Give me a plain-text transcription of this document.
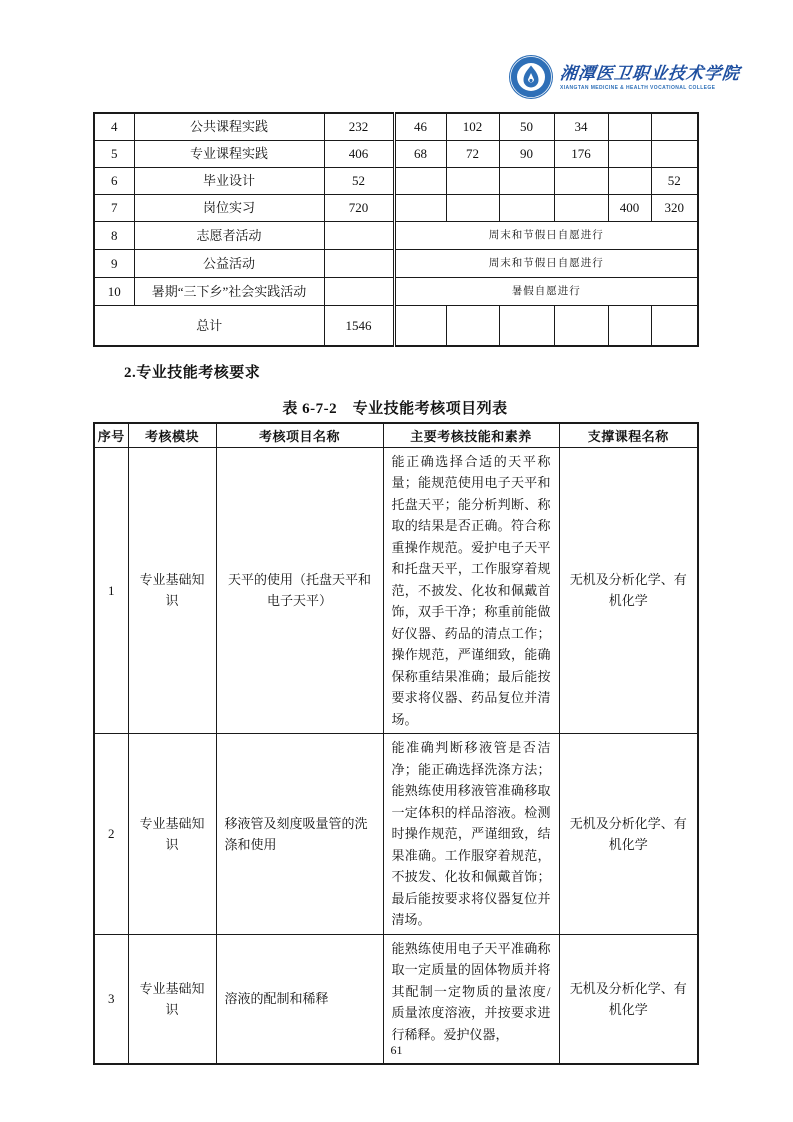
湘潭医卫职业技术学院
XIANGTAN MEDICINE & HEALTH VOCATIONAL COLLEGE
4	公共课程实践	232	46	102	50	34		
5	专业课程实践	406	68	72	90	176		
6	毕业设计	52						52
7	岗位实习	720					400	320
8	志愿者活动		周末和节假日自愿进行					
9	公益活动		周末和节假日自愿进行					
10	暑期“三下乡”社会实践活动		暑假自愿进行					
总计		1546						
2.专业技能考核要求
表 6-7-2　专业技能考核项目列表
序号	考核模块	考核项目名称	主要考核技能和素养	支撑课程名称
1	专业基础知识	天平的使用（托盘天平和电子天平）	能正确选择合适的天平称量；能规范使用电子天平和托盘天平；能分析判断、称取的结果是否正确。符合称重操作规范。爱护电子天平和托盘天平，工作服穿着规范，不披发、化妆和佩戴首饰，双手干净；称重前能做好仪器、药品的清点工作；操作规范，严谨细致，能确保称重结果准确；最后能按要求将仪器、药品复位并清场。	无机及分析化学、有机化学
2	专业基础知识	移液管及刻度吸量管的洗涤和使用	能准确判断移液管是否洁净；能正确选择洗涤方法；能熟练使用移液管准确移取一定体积的样品溶液。检测时操作规范，严谨细致，结果准确。工作服穿着规范，不披发、化妆和佩戴首饰；最后能按要求将仪器复位并清场。	无机及分析化学、有机化学
3	专业基础知识	溶液的配制和稀释	能熟练使用电子天平准确称取一定质量的固体物质并将其配制一定物质的量浓度/质量浓度溶液，并按要求进行稀释。爱护仪器，	无机及分析化学、有机化学
61
